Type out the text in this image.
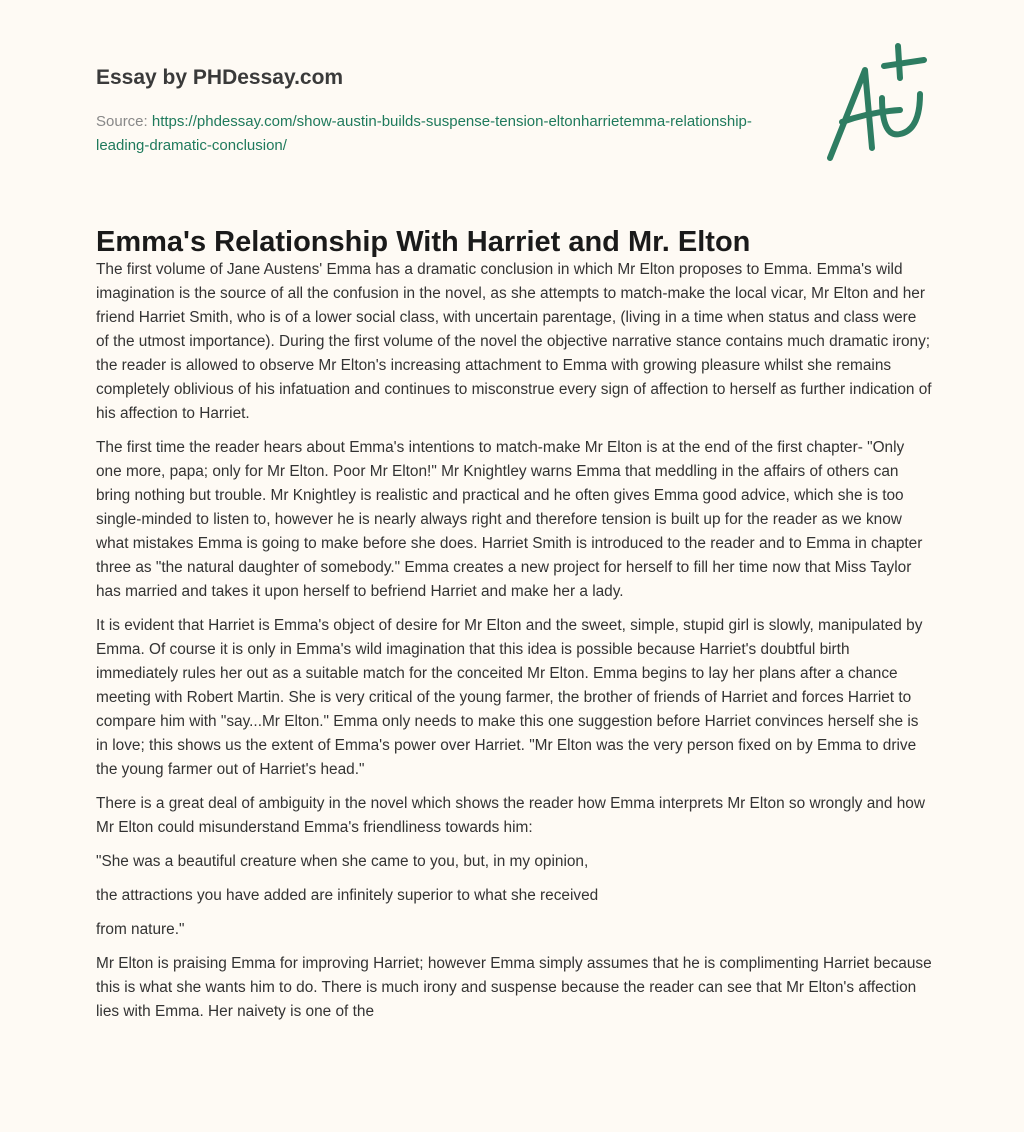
Essay by PHDessay.com
Source: https://phdessay.com/show-austin-builds-suspense-tension-eltonharrietemma-relationship-leading-dramatic-conclusion/
Emma's Relationship With Harriet and Mr. Elton

The first volume of Jane Austens' Emma has a dramatic conclusion in which Mr Elton proposes to Emma. Emma's wild imagination is the source of all the confusion in the novel, as she attempts to match-make the local vicar, Mr Elton and her friend Harriet Smith, who is of a lower social class, with uncertain parentage, (living in a time when status and class were of the utmost importance). During the first volume of the novel the objective narrative stance contains much dramatic irony; the reader is allowed to observe Mr Elton's increasing attachment to Emma with growing pleasure whilst she remains completely oblivious of his infatuation and continues to misconstrue every sign of affection to herself as further indication of his affection to Harriet.

The first time the reader hears about Emma's intentions to match-make Mr Elton is at the end of the first chapter- "Only one more, papa; only for Mr Elton. Poor Mr Elton!" Mr Knightley warns Emma that meddling in the affairs of others can bring nothing but trouble. Mr Knightley is realistic and practical and he often gives Emma good advice, which she is too single-minded to listen to, however he is nearly always right and therefore tension is built up for the reader as we know what mistakes Emma is going to make before she does. Harriet Smith is introduced to the reader and to Emma in chapter three as "the natural daughter of somebody." Emma creates a new project for herself to fill her time now that Miss Taylor has married and takes it upon herself to befriend Harriet and make her a lady.

It is evident that Harriet is Emma's object of desire for Mr Elton and the sweet, simple, stupid girl is slowly, manipulated by Emma. Of course it is only in Emma's wild imagination that this idea is possible because Harriet's doubtful birth immediately rules her out as a suitable match for the conceited Mr Elton. Emma begins to lay her plans after a chance meeting with Robert Martin. She is very critical of the young farmer, the brother of friends of Harriet and forces Harriet to compare him with "say...Mr Elton." Emma only needs to make this one suggestion before Harriet convinces herself she is in love; this shows us the extent of Emma's power over Harriet. "Mr Elton was the very person fixed on by Emma to drive the young farmer out of Harriet's head."

There is a great deal of ambiguity in the novel which shows the reader how Emma interprets Mr Elton so wrongly and how Mr Elton could misunderstand Emma's friendliness towards him:

"She was a beautiful creature when she came to you, but, in my opinion,

the attractions you have added are infinitely superior to what she received

from nature."

Mr Elton is praising Emma for improving Harriet; however Emma simply assumes that he is complimenting Harriet because this is what she wants him to do. There is much irony and suspense because the reader can see that Mr Elton's affection lies with Emma. Her naivety is one of the
